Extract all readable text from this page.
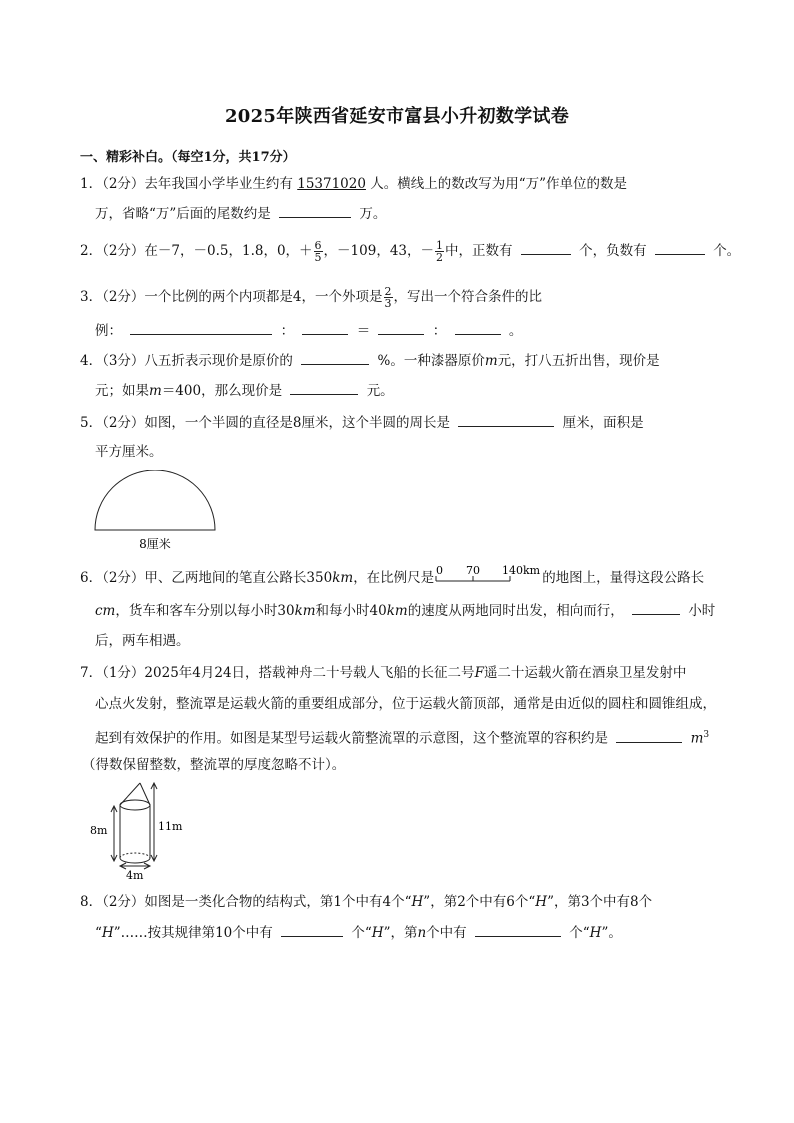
2025年陕西省延安市富县小升初数学试卷
一、精彩补白。（每空1分，共17分）
1．（2分）去年我国小学毕业生约有 15371020 人。横线上的数改写为用“万”作单位的数是
万，省略“万”后面的尾数约是	万。
2．（2分）在－7，－0.5，1.8，0，＋ $\frac{6}{5}$ ，－109，43，－ $\frac{1}{2}$ 中，正数有	个，负数有	个。
3．（2分）一个比例的两个内项都是4，一个外项是 $\frac{2}{3}$ ，写出一个符合条件的比
例：	：	＝	：	。
4．（3分）八五折表示现价是原价的	%。一种漆器原价m元，打八五折出售，现价是
元；如果m＝400，那么现价是	元。
5．（2分）如图，一个半圆的直径是8厘米，这个半圆的周长是	厘米，面积是
平方厘米。
8厘米
6．（2分）甲、乙两地间的笔直公路长350km，在比例尺是 0 70 140km 的地图上，量得这段公路长
cm，货车和客车分别以每小时30km和每小时40km的速度从两地同时出发，相向而行，	小时
后，两车相遇。
7．（1分）2025年4月24日，搭载神舟二十号载人飞船的长征二号F遥二十运载火箭在酒泉卫星发射中
心点火发射，整流罩是运载火箭的重要组成部分，位于运载火箭顶部，通常是由近似的圆柱和圆锥组成，
起到有效保护的作用。如图是某型号运载火箭整流罩的示意图，这个整流罩的容积约是	$m^3$
（得数保留整数，整流罩的厚度忽略不计）。
8m	11m
4m
8．（2分）如图是一类化合物的结构式，第1个中有4个“H”，第2个中有6个“H”，第3个中有8个
“H”……按其规律第10个中有	个“H”，第n个中有	个“H”。
